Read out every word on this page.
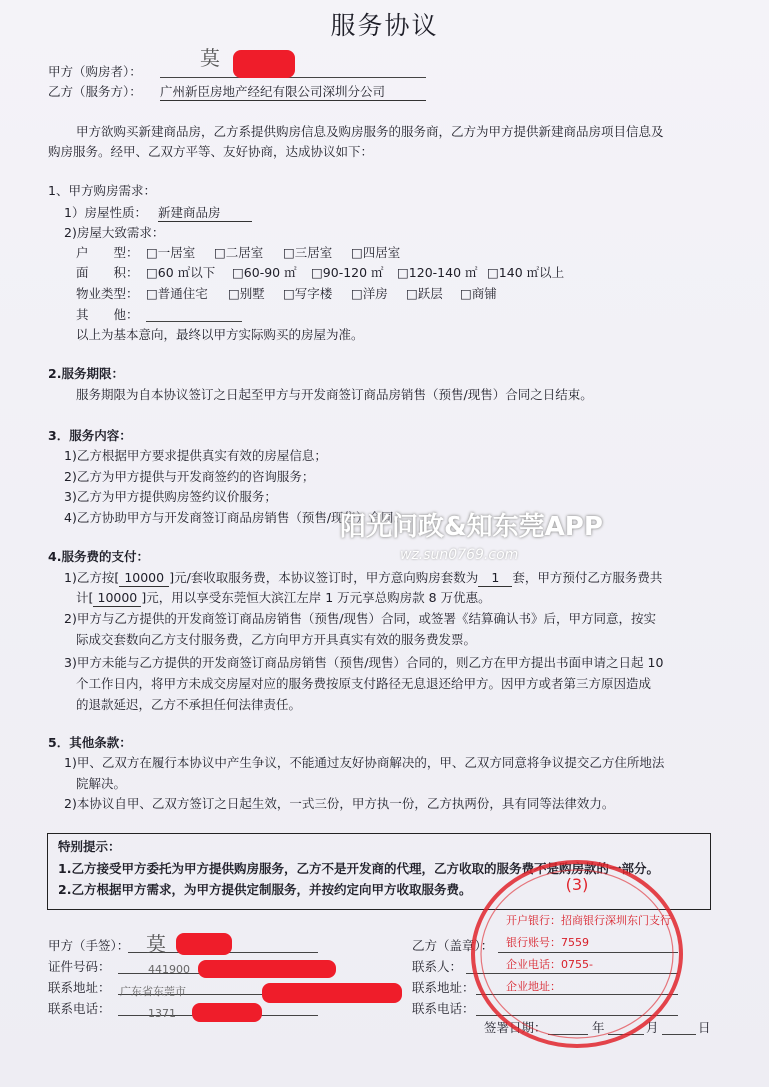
服务协议
甲方（购房者）：
莫
乙方（服务方）： 广州新臣房地产经纪有限公司深圳分公司
甲方欲购买新建商品房，乙方系提供购房信息及购房服务的服务商，乙方为甲方提供新建商品房项目信息及
购房服务。经甲、乙双方平等、友好协商，达成协议如下：
1、甲方购房需求：
1）房屋性质： 新建商品房
2)房屋大致需求：
户　　型： □一居室 □二居室 □三居室 □四居室
面　　积： □60 ㎡以下 □60-90 ㎡ □90-120 ㎡ □120-140 ㎡ □140 ㎡以上
物业类型： □普通住宅 □别墅 □写字楼 □洋房 □跃层 □商铺
其　　他：
以上为基本意向，最终以甲方实际购买的房屋为准。
2.服务期限：
服务期限为自本协议签订之日起至甲方与开发商签订商品房销售（预售/现售）合同之日结束。
3．服务内容：
1)乙方根据甲方要求提供真实有效的房屋信息；
2)乙方为甲方提供与开发商签约的咨询服务；
3)乙方为甲方提供购房签约议价服务；
4)乙方协助甲方与开发商签订商品房销售（预售/现售）合同。
4.服务费的支付：
1)乙方按[ 10000 ]元/套收取服务费，本协议签订时，甲方意向购房套数为 1 套，甲方预付乙方服务费共
计[ 10000 ]元，用以享受东莞恒大滨江左岸 1 万元享总购房款 8 万优惠。
2)甲方与乙方提供的开发商签订商品房销售（预售/现售）合同，或签署《结算确认书》后，甲方同意，按实
际成交套数向乙方支付服务费，乙方向甲方开具真实有效的服务费发票。
3)甲方未能与乙方提供的开发商签订商品房销售（预售/现售）合同的，则乙方在甲方提出书面申请之日起 10
个工作日内，将甲方未成交房屋对应的服务费按原支付路径无息退还给甲方。因甲方或者第三方原因造成
的退款延迟，乙方不承担任何法律责任。
5．其他条款：
1)甲、乙双方在履行本协议中产生争议，不能通过友好协商解决的，甲、乙双方同意将争议提交乙方住所地法
院解决。
2)本协议自甲、乙双方签订之日起生效，一式三份，甲方执一份，乙方执两份，具有同等法律效力。
特别提示：
1.乙方接受甲方委托为甲方提供购房服务，乙方不是开发商的代理，乙方收取的服务费不是购房款的一部分。
2.乙方根据甲方需求，为甲方提供定制服务，并按约定向甲方收取服务费。
阳光问政&知东莞APP
wz.sun0769.com
甲方（手签）： 莫
证件号码：	441900
联系地址： 广东省东莞市
联系电话：	1371
乙方（盖章）：
联系人：
联系地址：
联系电话：
签署日期：	年	月	日
(3)
开户银行：招商银行深圳东门支行
银行账号：7559
企业电话：0755-
企业地址：
